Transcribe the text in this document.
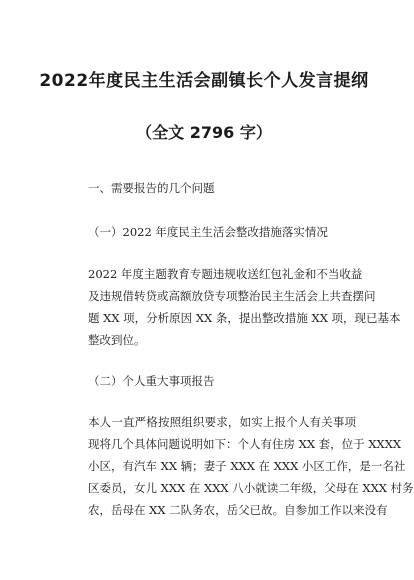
2022年度民主生活会副镇长个人发言提纲
（全文 2796 字）
一、需要报告的几个问题
（一）2022 年度民主生活会整改措施落实情况
2022 年度主题教育专题违规收送红包礼金和不当收益
及违规借转贷或高额放贷专项整治民主生活会上共查摆问
题 XX 项，分析原因 XX 条，提出整改措施 XX 项，现已基本
整改到位。
（二）个人重大事项报告
本人一直严格按照组织要求，如实上报个人有关事项
现将几个具体问题说明如下：个人有住房 XX 套，位于 XXXX
小区，有汽车 XX 辆；妻子 XXX 在 XXX 小区工作，是一名社
区委员，女儿 XXX 在 XXX 八小就读二年级，父母在 XXX 村务
农，岳母在 XX 二队务农，岳父已故。自参加工作以来没有
